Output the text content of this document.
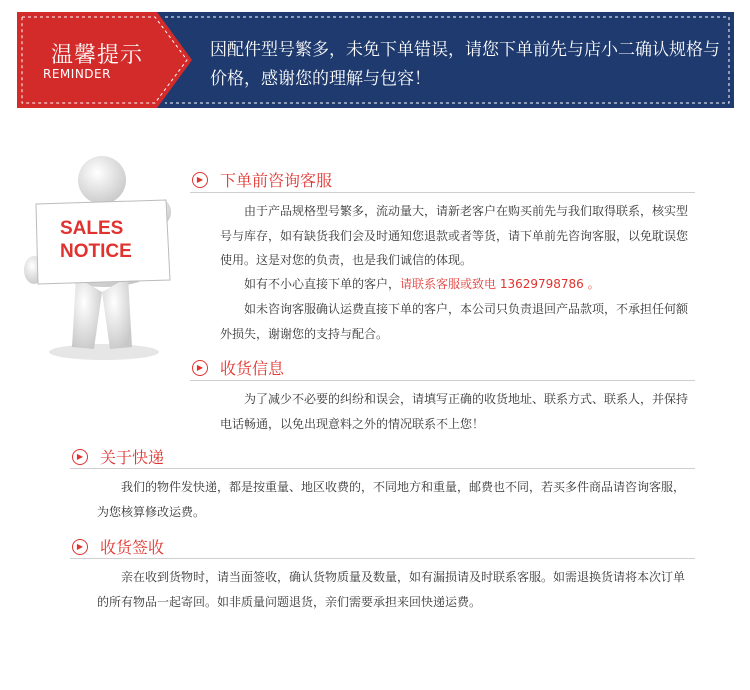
温馨提示
REMINDER
因配件型号繁多，未免下单错误，请您下单前先与店小二确认规格与价格，感谢您的理解与包容！
SALES
NOTICE
▶	下单前咨询客服
由于产品规格型号繁多，流动量大，请新老客户在购买前先与我们取得联系，核实型号与库存，如有缺货我们会及时通知您退款或者等货，请下单前先咨询客服，以免耽误您使用。这是对您的负责，也是我们诚信的体现。
如有不小心直接下单的客户，请联系客服或致电 13629798786 。
如未咨询客服确认运费直接下单的客户，本公司只负责退回产品款项，不承担任何额外损失，谢谢您的支持与配合。
▶	收货信息
为了减少不必要的纠纷和误会，请填写正确的收货地址、联系方式、联系人，并保持电话畅通，以免出现意料之外的情况联系不上您！
▶	关于快递
我们的物件发快递，都是按重量、地区收费的，不同地方和重量，邮费也不同，若买多件商品请咨询客服，为您核算修改运费。
▶	收货签收
亲在收到货物时，请当面签收，确认货物质量及数量，如有漏损请及时联系客服。如需退换货请将本次订单的所有物品一起寄回。如非质量问题退货，亲们需要承担来回快递运费。
